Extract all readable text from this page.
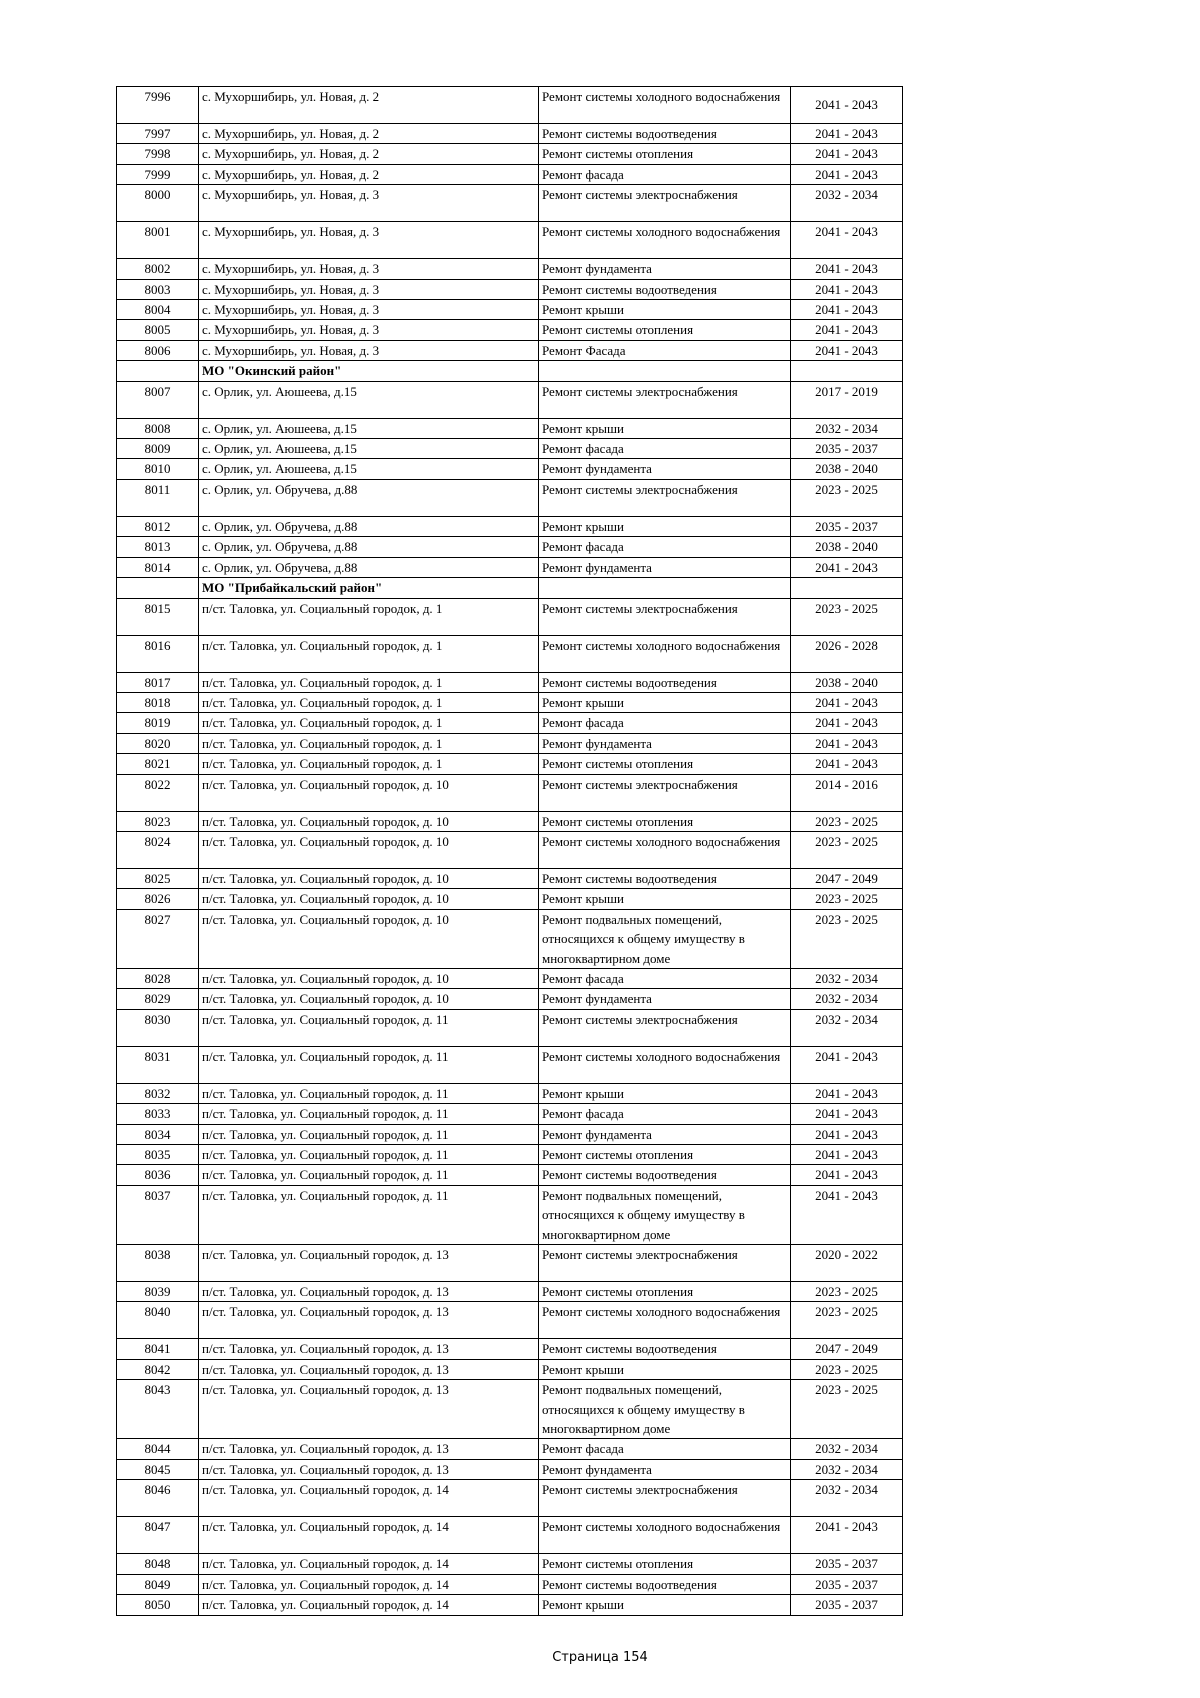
7996	с. Мухоршибирь, ул. Новая, д. 2	Ремонт системы холодного водоснабжения	2041 - 2043
7997	с. Мухоршибирь, ул. Новая, д. 2	Ремонт системы водоотведения	2041 - 2043
7998	с. Мухоршибирь, ул. Новая, д. 2	Ремонт системы отопления	2041 - 2043
7999	с. Мухоршибирь, ул. Новая, д. 2	Ремонт фасада	2041 - 2043
8000	с. Мухоршибирь, ул. Новая, д. 3	Ремонт системы электроснабжения	2032 - 2034
8001	с. Мухоршибирь, ул. Новая, д. 3	Ремонт системы холодного водоснабжения	2041 - 2043
8002	с. Мухоршибирь, ул. Новая, д. 3	Ремонт фундамента	2041 - 2043
8003	с. Мухоршибирь, ул. Новая, д. 3	Ремонт системы водоотведения	2041 - 2043
8004	с. Мухоршибирь, ул. Новая, д. 3	Ремонт крыши	2041 - 2043
8005	с. Мухоршибирь, ул. Новая, д. 3	Ремонт системы отопления	2041 - 2043
8006	с. Мухоршибирь, ул. Новая, д. 3	Ремонт Фасада	2041 - 2043
	МО "Окинский район"		
8007	с. Орлик, ул. Аюшеева, д.15	Ремонт системы электроснабжения	2017 - 2019
8008	с. Орлик, ул. Аюшеева, д.15	Ремонт крыши	2032 - 2034
8009	с. Орлик, ул. Аюшеева, д.15	Ремонт фасада	2035 - 2037
8010	с. Орлик, ул. Аюшеева, д.15	Ремонт фундамента	2038 - 2040
8011	с. Орлик, ул. Обручева, д.88	Ремонт системы электроснабжения	2023 - 2025
8012	с. Орлик, ул. Обручева, д.88	Ремонт крыши	2035 - 2037
8013	с. Орлик, ул. Обручева, д.88	Ремонт фасада	2038 - 2040
8014	с. Орлик, ул. Обручева, д.88	Ремонт фундамента	2041 - 2043
	МО "Прибайкальский район"		
8015	п/ст. Таловка, ул. Социальный городок, д. 1	Ремонт системы электроснабжения	2023 - 2025
8016	п/ст. Таловка, ул. Социальный городок, д. 1	Ремонт системы холодного водоснабжения	2026 - 2028
8017	п/ст. Таловка, ул. Социальный городок, д. 1	Ремонт системы водоотведения	2038 - 2040
8018	п/ст. Таловка, ул. Социальный городок, д. 1	Ремонт крыши	2041 - 2043
8019	п/ст. Таловка, ул. Социальный городок, д. 1	Ремонт фасада	2041 - 2043
8020	п/ст. Таловка, ул. Социальный городок, д. 1	Ремонт фундамента	2041 - 2043
8021	п/ст. Таловка, ул. Социальный городок, д. 1	Ремонт системы отопления	2041 - 2043
8022	п/ст. Таловка, ул. Социальный городок, д. 10	Ремонт системы электроснабжения	2014 - 2016
8023	п/ст. Таловка, ул. Социальный городок, д. 10	Ремонт системы отопления	2023 - 2025
8024	п/ст. Таловка, ул. Социальный городок, д. 10	Ремонт системы холодного водоснабжения	2023 - 2025
8025	п/ст. Таловка, ул. Социальный городок, д. 10	Ремонт системы водоотведения	2047 - 2049
8026	п/ст. Таловка, ул. Социальный городок, д. 10	Ремонт крыши	2023 - 2025
8027	п/ст. Таловка, ул. Социальный городок, д. 10	Ремонт подвальных помещений, относящихся к общему имуществу в многоквартирном доме	2023 - 2025
8028	п/ст. Таловка, ул. Социальный городок, д. 10	Ремонт фасада	2032 - 2034
8029	п/ст. Таловка, ул. Социальный городок, д. 10	Ремонт фундамента	2032 - 2034
8030	п/ст. Таловка, ул. Социальный городок, д. 11	Ремонт системы электроснабжения	2032 - 2034
8031	п/ст. Таловка, ул. Социальный городок, д. 11	Ремонт системы холодного водоснабжения	2041 - 2043
8032	п/ст. Таловка, ул. Социальный городок, д. 11	Ремонт крыши	2041 - 2043
8033	п/ст. Таловка, ул. Социальный городок, д. 11	Ремонт фасада	2041 - 2043
8034	п/ст. Таловка, ул. Социальный городок, д. 11	Ремонт фундамента	2041 - 2043
8035	п/ст. Таловка, ул. Социальный городок, д. 11	Ремонт системы отопления	2041 - 2043
8036	п/ст. Таловка, ул. Социальный городок, д. 11	Ремонт системы водоотведения	2041 - 2043
8037	п/ст. Таловка, ул. Социальный городок, д. 11	Ремонт подвальных помещений, относящихся к общему имуществу в многоквартирном доме	2041 - 2043
8038	п/ст. Таловка, ул. Социальный городок, д. 13	Ремонт системы электроснабжения	2020 - 2022
8039	п/ст. Таловка, ул. Социальный городок, д. 13	Ремонт системы отопления	2023 - 2025
8040	п/ст. Таловка, ул. Социальный городок, д. 13	Ремонт системы холодного водоснабжения	2023 - 2025
8041	п/ст. Таловка, ул. Социальный городок, д. 13	Ремонт системы водоотведения	2047 - 2049
8042	п/ст. Таловка, ул. Социальный городок, д. 13	Ремонт крыши	2023 - 2025
8043	п/ст. Таловка, ул. Социальный городок, д. 13	Ремонт подвальных помещений, относящихся к общему имуществу в многоквартирном доме	2023 - 2025
8044	п/ст. Таловка, ул. Социальный городок, д. 13	Ремонт фасада	2032 - 2034
8045	п/ст. Таловка, ул. Социальный городок, д. 13	Ремонт фундамента	2032 - 2034
8046	п/ст. Таловка, ул. Социальный городок, д. 14	Ремонт системы электроснабжения	2032 - 2034
8047	п/ст. Таловка, ул. Социальный городок, д. 14	Ремонт системы холодного водоснабжения	2041 - 2043
8048	п/ст. Таловка, ул. Социальный городок, д. 14	Ремонт системы отопления	2035 - 2037
8049	п/ст. Таловка, ул. Социальный городок, д. 14	Ремонт системы водоотведения	2035 - 2037
8050	п/ст. Таловка, ул. Социальный городок, д. 14	Ремонт крыши	2035 - 2037
Страница 154
